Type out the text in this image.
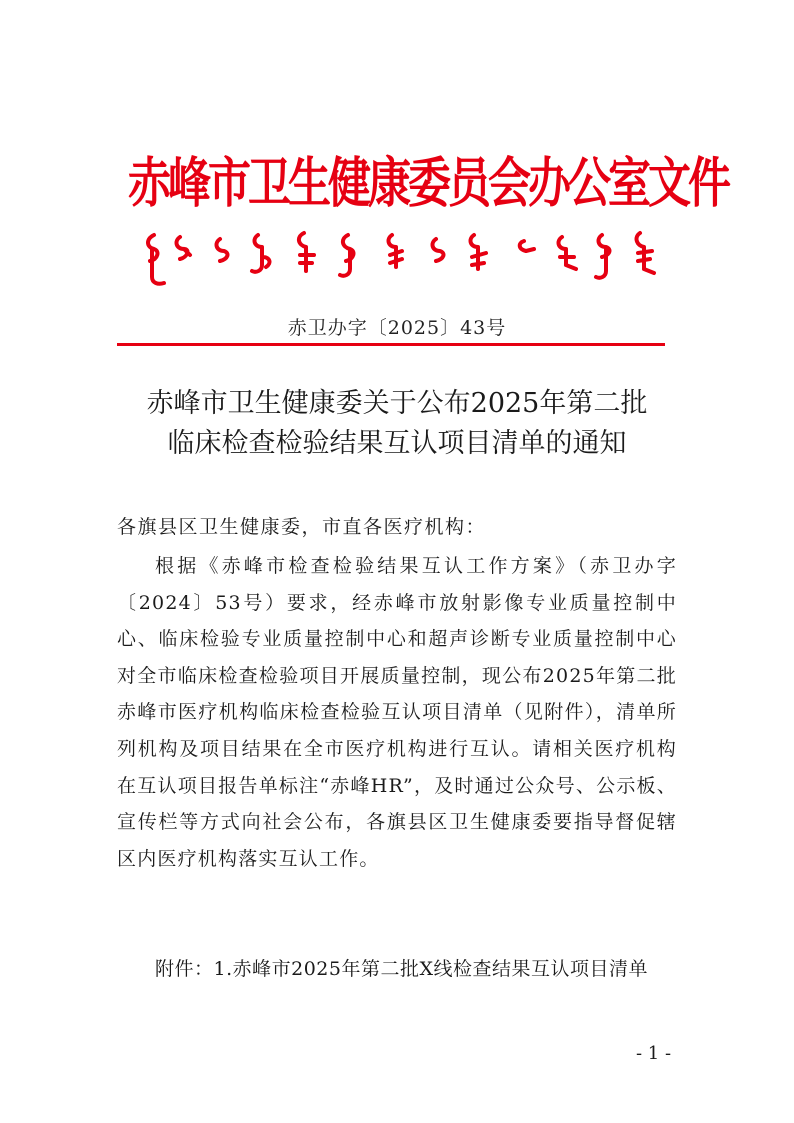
赤峰市卫生健康委员会办公室文件
赤卫办字〔2025〕43号
赤峰市卫生健康委关于公布2025年第二批
临床检查检验结果互认项目清单的通知
各旗县区卫生健康委，市直各医疗机构：
根据《赤峰市检查检验结果互认工作方案》（赤卫办字〔2024〕53号）要求，经赤峰市放射影像专业质量控制中心、临床检验专业质量控制中心和超声诊断专业质量控制中心对全市临床检查检验项目开展质量控制，现公布2025年第二批赤峰市医疗机构临床检查检验互认项目清单（见附件），清单所列机构及项目结果在全市医疗机构进行互认。请相关医疗机构在互认项目报告单标注“赤峰HR”，及时通过公众号、公示板、宣传栏等方式向社会公布，各旗县区卫生健康委要指导督促辖区内医疗机构落实互认工作。
附件：1.赤峰市2025年第二批X线检查结果互认项目清单
- 1 -
